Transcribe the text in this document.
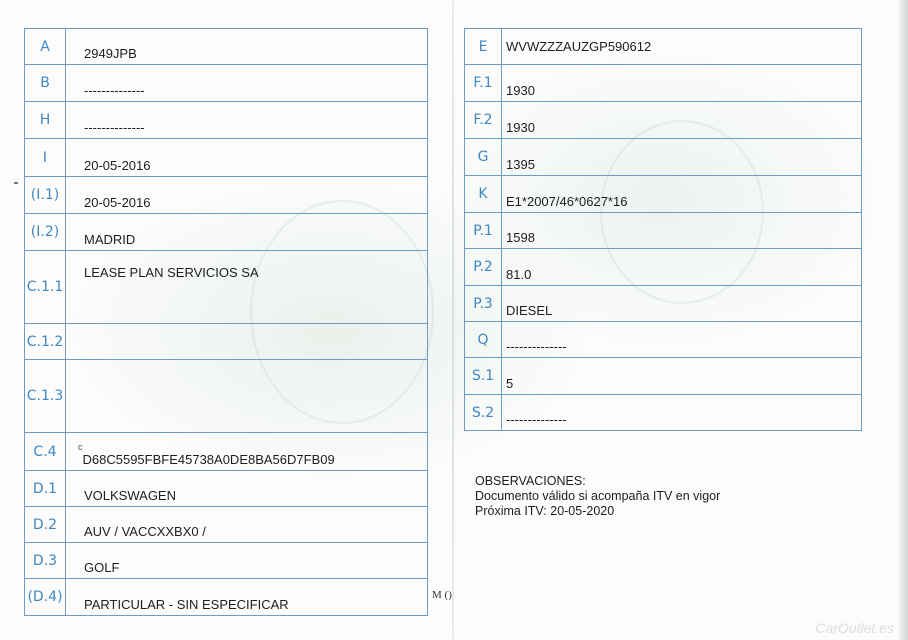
A	2949JPB
B	--------------
H	--------------
I	20-05-2016
(I.1)	20-05-2016
(I.2)	MADRID
C.1.1	LEASE PLAN SERVICIOS SA
C.1.2	
C.1.3	
C.4	$^c$D68C5595FBFE45738A0DE8BA56D7FB09
D.1	VOLKSWAGEN
D.2	AUV / VACCXXBX0 /
D.3	GOLF
(D.4)	PARTICULAR - SIN ESPECIFICAR
E	WVWZZZAUZGP590612
F.1	1930
F.2	1930
G	1395
K	E1*2007/46*0627*16
P.1	1598
P.2	81.0
P.3	DIESEL
Q	--------------
S.1	5
S.2	--------------
OBSERVACIONES:
Documento válido si acompaña ITV en vigor
Próxima ITV: 20-05-2020
M ()
CarOutlet.es
